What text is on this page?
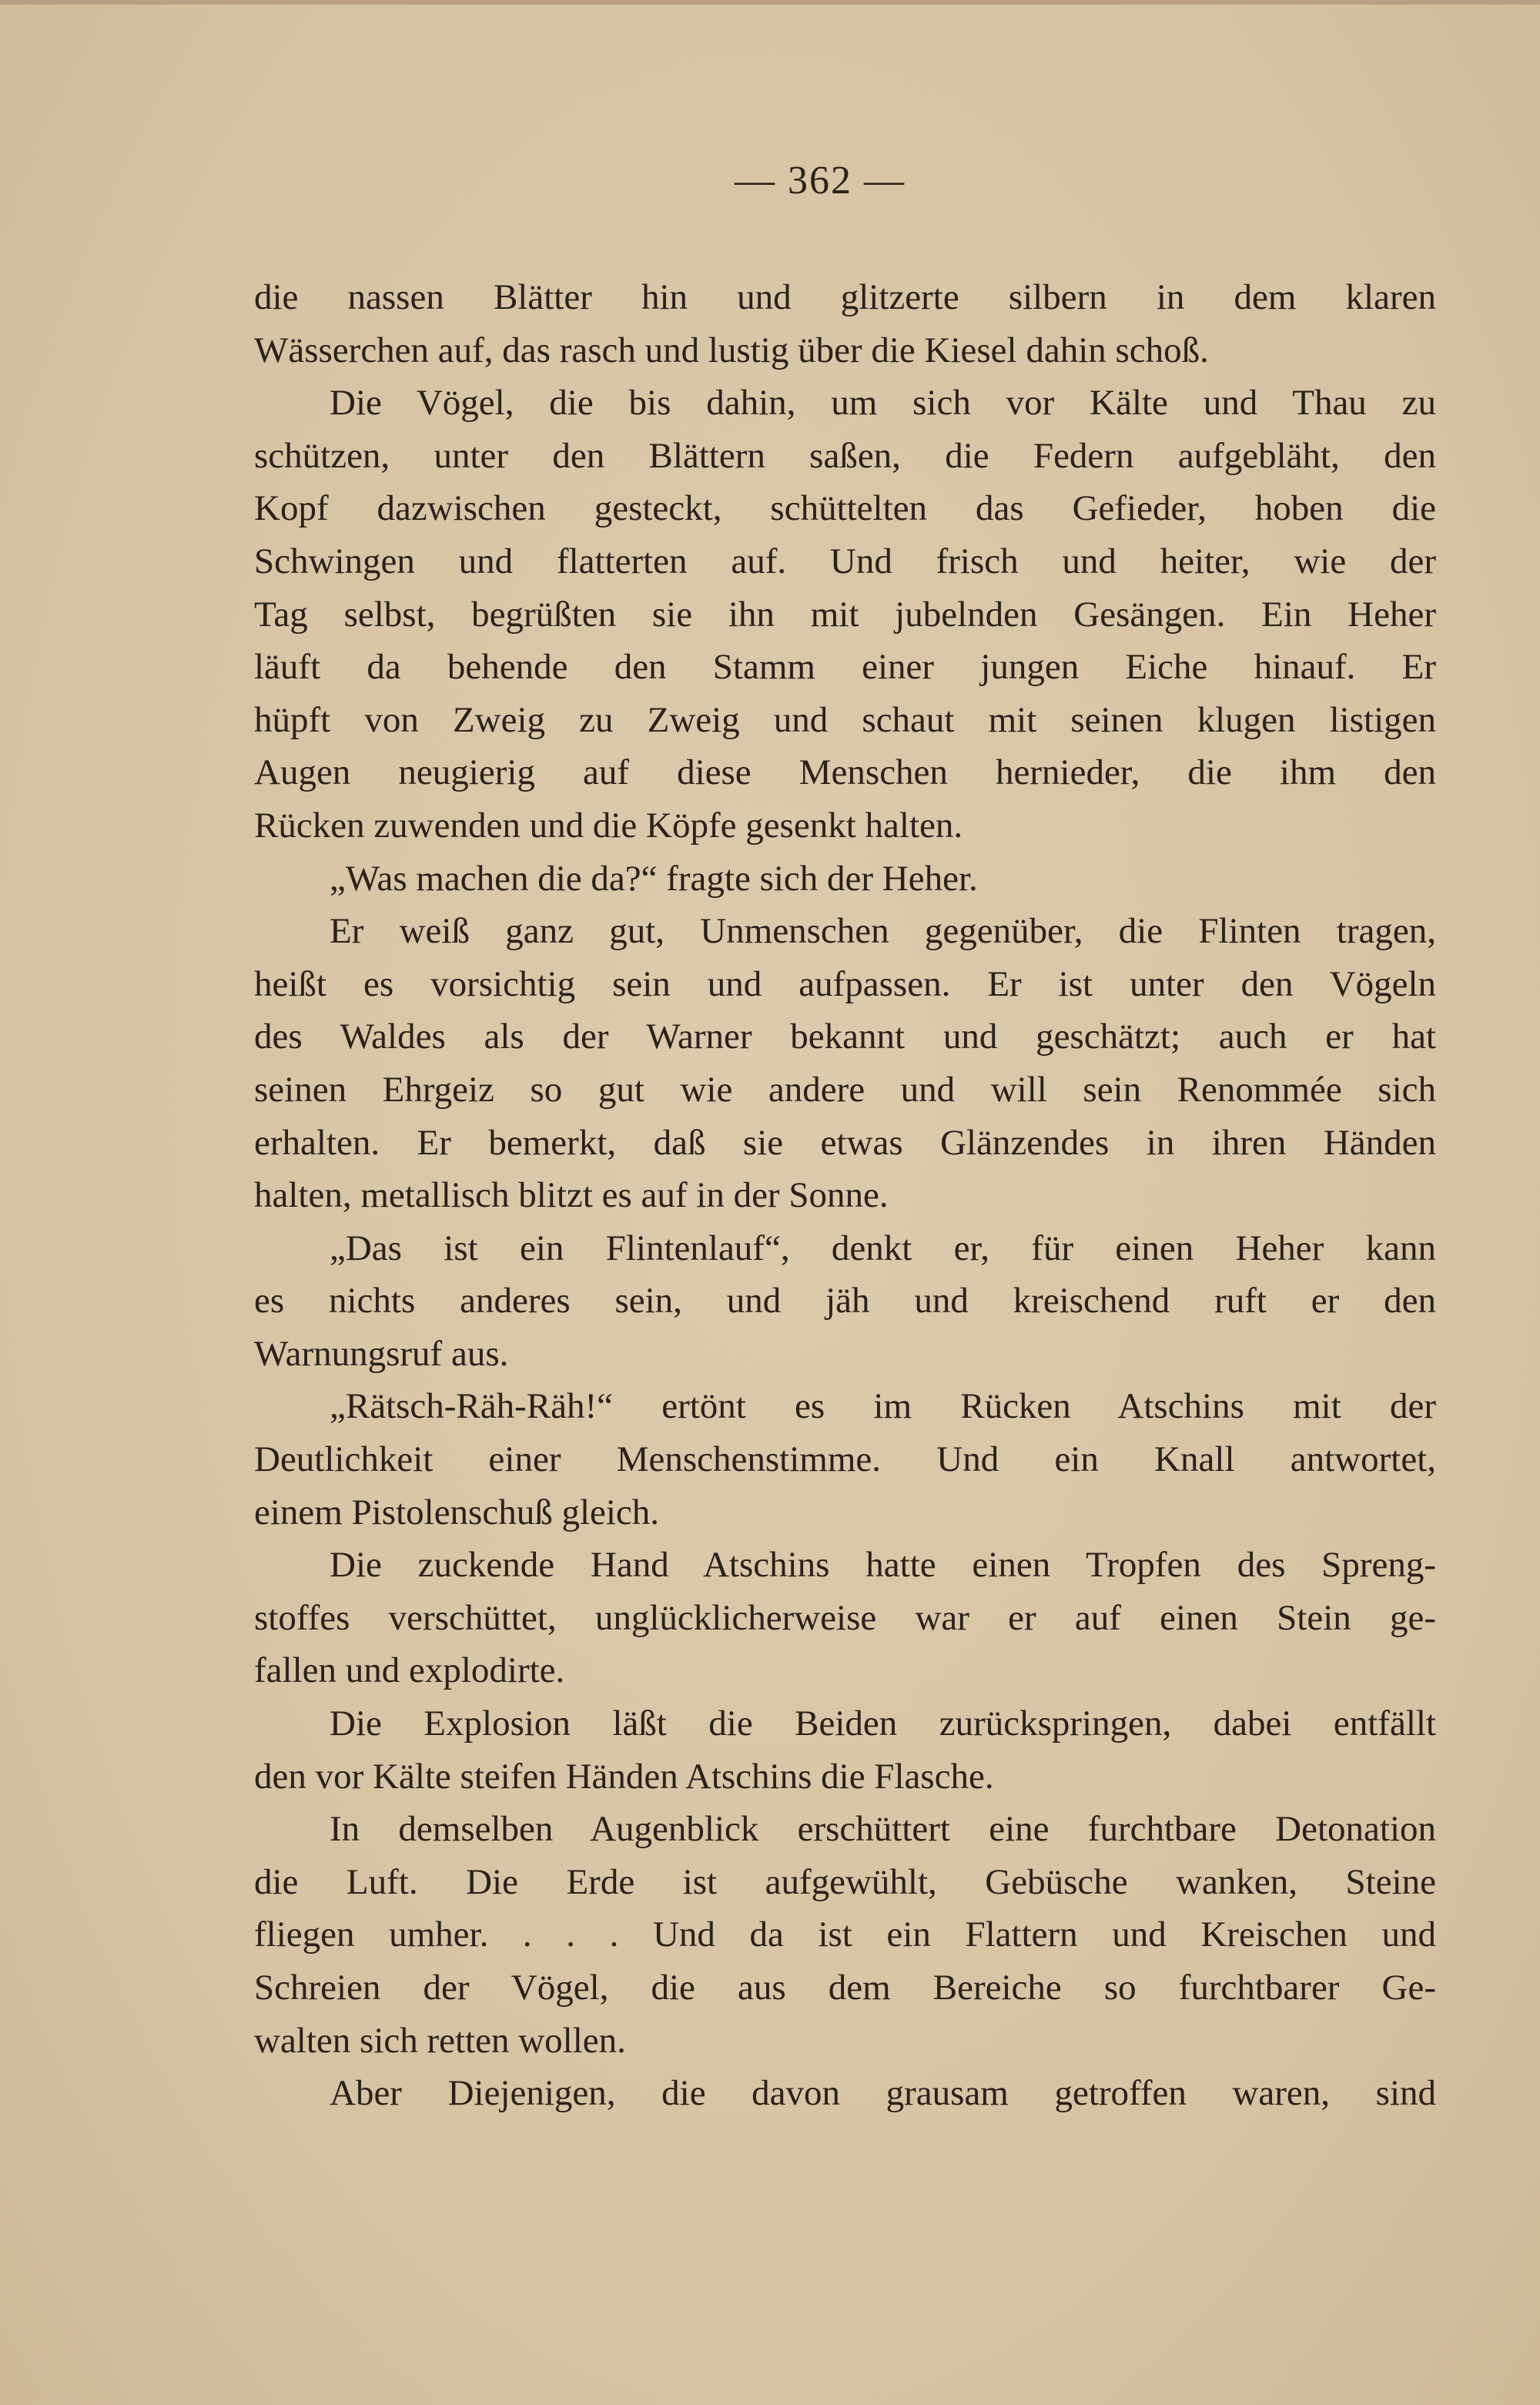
— 362 —
die nassen Blätter hin und glitzerte silbern in dem klaren
Wässerchen auf, das rasch und lustig über die Kiesel dahin schoß.
Die Vögel, die bis dahin, um sich vor Kälte und Thau zu
schützen, unter den Blättern saßen, die Federn aufgebläht, den
Kopf dazwischen gesteckt, schüttelten das Gefieder, hoben die
Schwingen und flatterten auf. Und frisch und heiter, wie der
Tag selbst, begrüßten sie ihn mit jubelnden Gesängen. Ein Heher
läuft da behende den Stamm einer jungen Eiche hinauf. Er
hüpft von Zweig zu Zweig und schaut mit seinen klugen listigen
Augen neugierig auf diese Menschen hernieder, die ihm den
Rücken zuwenden und die Köpfe gesenkt halten.
„Was machen die da?“ fragte sich der Heher.
Er weiß ganz gut, Unmenschen gegenüber, die Flinten tragen,
heißt es vorsichtig sein und aufpassen. Er ist unter den Vögeln
des Waldes als der Warner bekannt und geschätzt; auch er hat
seinen Ehrgeiz so gut wie andere und will sein Renommée sich
erhalten. Er bemerkt, daß sie etwas Glänzendes in ihren Händen
halten, metallisch blitzt es auf in der Sonne.
„Das ist ein Flintenlauf“, denkt er, für einen Heher kann
es nichts anderes sein, und jäh und kreischend ruft er den
Warnungsruf aus.
„Rätsch-Räh-Räh!“ ertönt es im Rücken Atschins mit der
Deutlichkeit einer Menschenstimme. Und ein Knall antwortet,
einem Pistolenschuß gleich.
Die zuckende Hand Atschins hatte einen Tropfen des Spreng-
stoffes verschüttet, unglücklicherweise war er auf einen Stein ge-
fallen und explodirte.
Die Explosion läßt die Beiden zurückspringen, dabei entfällt
den vor Kälte steifen Händen Atschins die Flasche.
In demselben Augenblick erschüttert eine furchtbare Detonation
die Luft. Die Erde ist aufgewühlt, Gebüsche wanken, Steine
fliegen umher. . . . Und da ist ein Flattern und Kreischen und
Schreien der Vögel, die aus dem Bereiche so furchtbarer Ge-
walten sich retten wollen.
Aber Diejenigen, die davon grausam getroffen waren, sind
